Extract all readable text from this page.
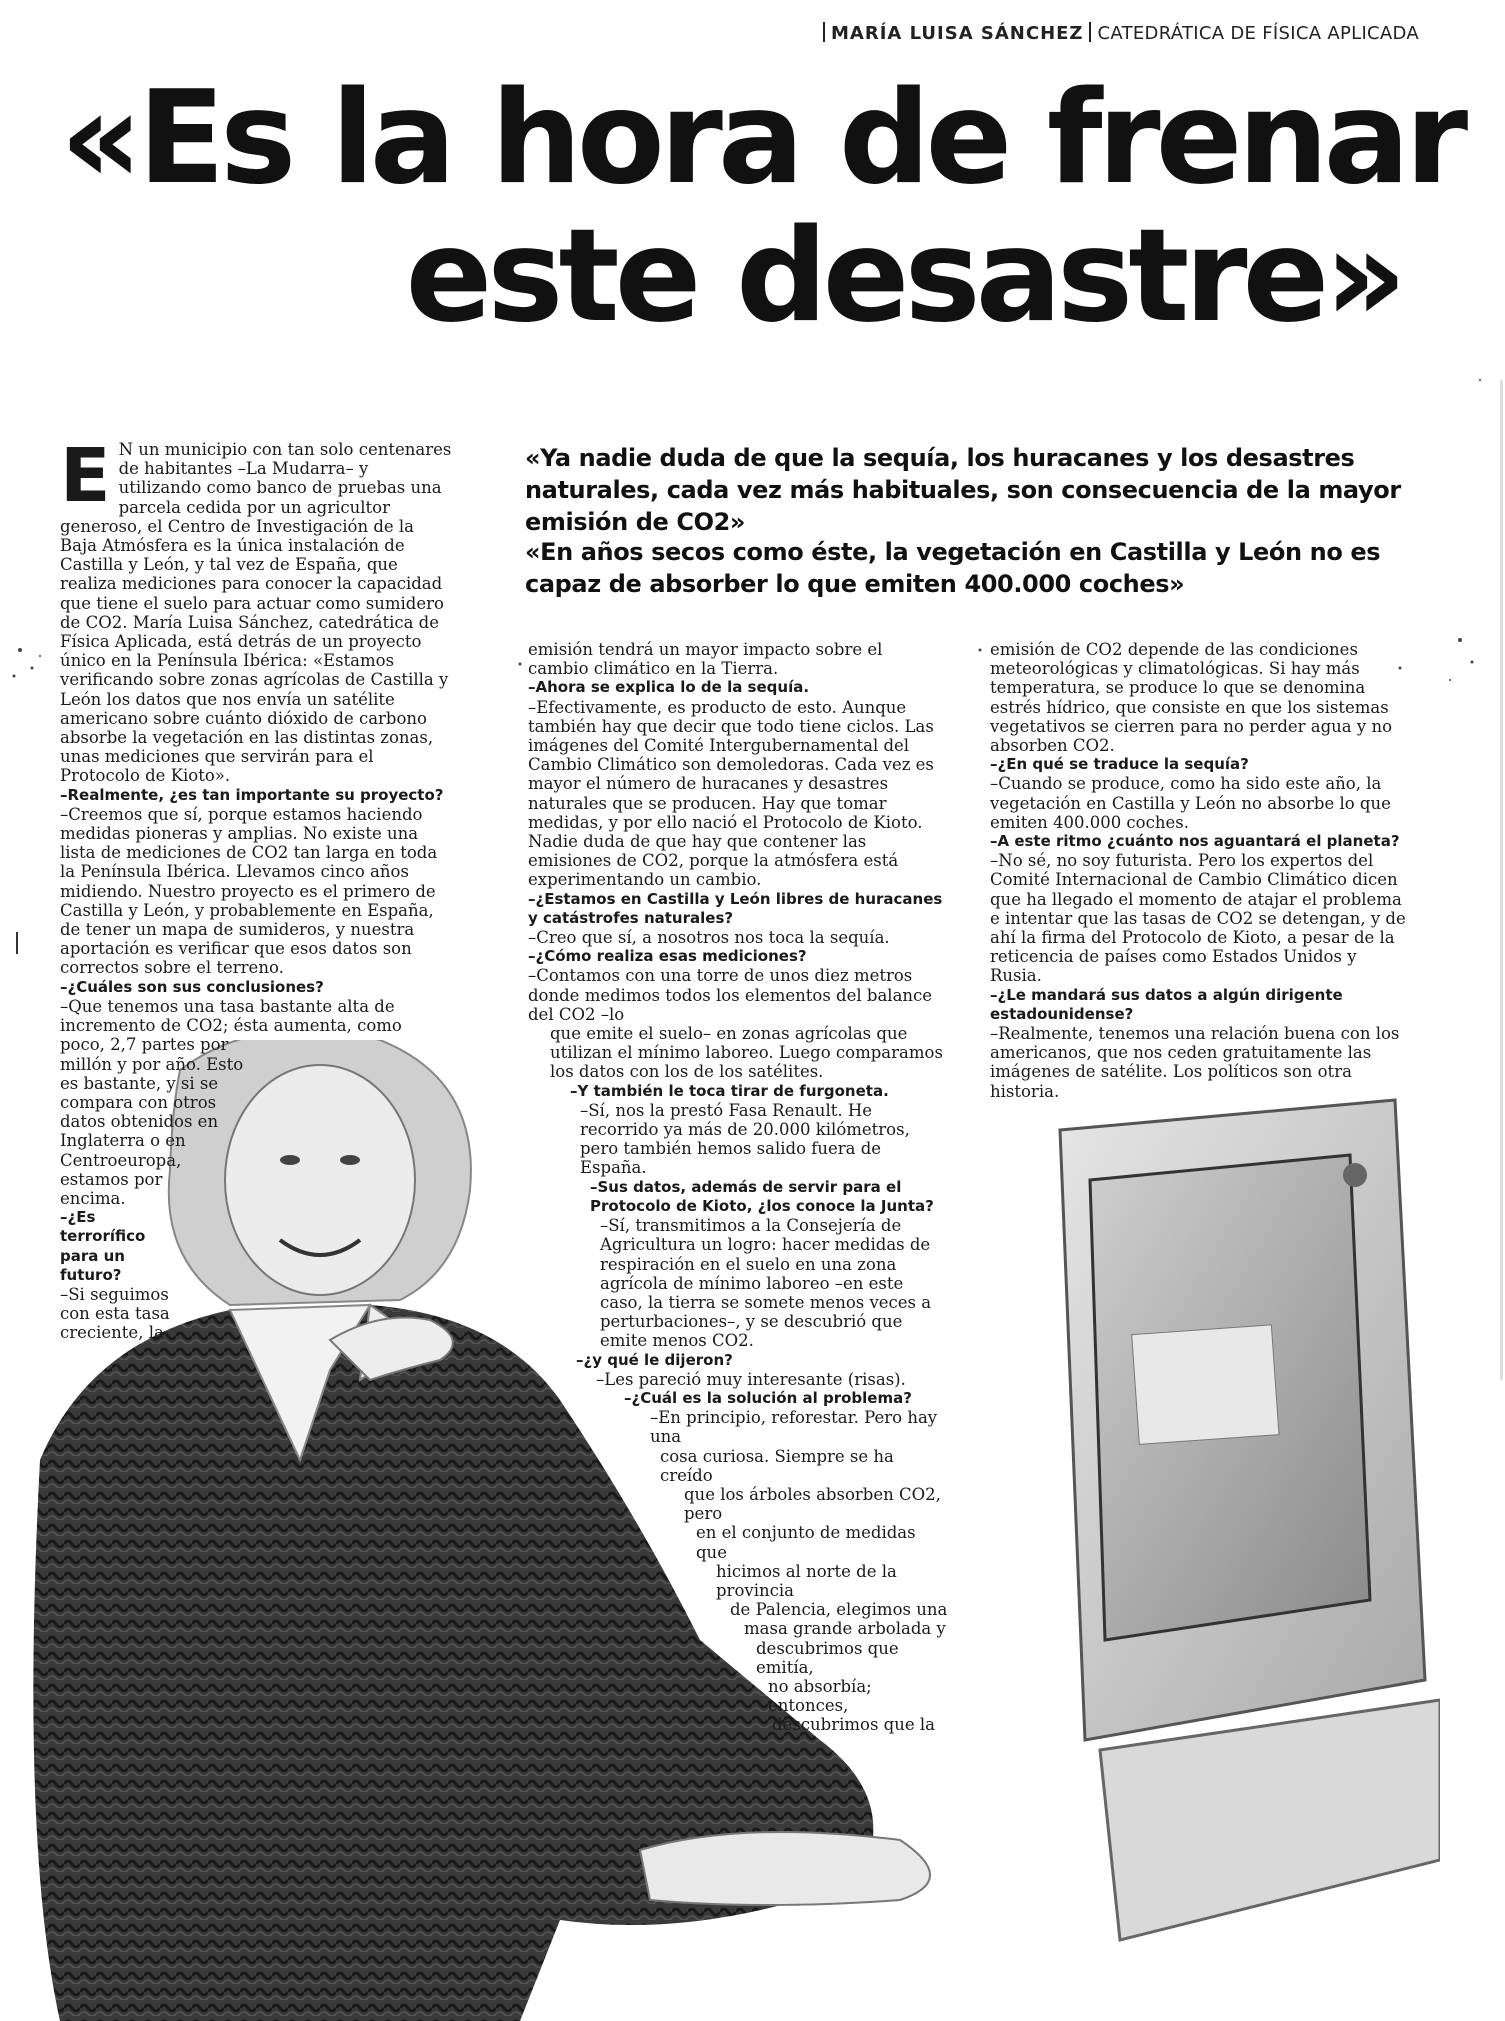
MARÍA LUISA SÁNCHEZ CATEDRÁTICA DE FÍSICA APLICADA
«Es la hora de frenar
este desastre»
«Ya nadie duda de que la sequía, los huracanes y los desastres naturales, cada vez más habituales, son consecuencia de la mayor emisión de CO2»
«En años secos como éste, la vegetación en Castilla y León no es capaz de absorber lo que emiten 400.000 coches»

E N un municipio con tan solo centenares de habitantes –La Mudarra– y utilizando como banco de pruebas una parcela cedida por un agricultor generoso, el Centro de Investigación de la Baja Atmósfera es la única instalación de Castilla y León, y tal vez de España, que realiza mediciones para conocer la capacidad que tiene el suelo para actuar como sumidero de CO2. María Luisa Sánchez, catedrática de Física Aplicada, está detrás de un proyecto único en la Península Ibérica: «Estamos verificando sobre zonas agrícolas de Castilla y León los datos que nos envía un satélite americano sobre cuánto dióxido de carbono absorbe la vegetación en las distintas zonas, unas mediciones que servirán para el Protocolo de Kioto».

–Realmente, ¿es tan importante su proyecto?

–Creemos que sí, porque estamos haciendo medidas pioneras y amplias. No existe una lista de mediciones de CO2 tan larga en toda la Península Ibérica. Llevamos cinco años midiendo. Nuestro proyecto es el primero de Castilla y León, y probablemente en España, de tener un mapa de sumideros, y nuestra aportación es verificar que esos datos son correctos sobre el terreno.

–¿Cuáles son sus conclusiones?

–Que tenemos una tasa bastante alta de incremento de CO2; ésta aumenta, como

poco, 2,7 partes por

millón y por año. Esto

es bastante, y si se

compara con otros

datos obtenidos en

Inglaterra o en

Centroeuropa,

estamos por

encima.

–¿Es

terrorífico

para un

futuro?

–Si seguimos

con esta tasa

creciente, la

emisión tendrá un mayor impacto sobre el cambio climático en la Tierra.

–Ahora se explica lo de la sequía.

–Efectivamente, es producto de esto. Aunque también hay que decir que todo tiene ciclos. Las imágenes del Comité Intergubernamental del Cambio Climático son demoledoras. Cada vez es mayor el número de huracanes y desastres naturales que se producen. Hay que tomar medidas, y por ello nació el Protocolo de Kioto. Nadie duda de que hay que contener las emisiones de CO2, porque la atmósfera está experimentando un cambio.

–¿Estamos en Castilla y León libres de huracanes y catástrofes naturales?

–Creo que sí, a nosotros nos toca la sequía.

–¿Cómo realiza esas mediciones?

–Contamos con una torre de unos diez metros donde medimos todos los elementos del balance del CO2 –lo

que emite el suelo– en zonas agrícolas que utilizan el mínimo laboreo. Luego comparamos los datos con los de los satélites.

–Y también le toca tirar de furgoneta.

–Sí, nos la prestó Fasa Renault. He recorrido ya más de 20.000 kilómetros, pero también hemos salido fuera de España.

–Sus datos, además de servir para el Protocolo de Kioto, ¿los conoce la Junta?

–Sí, transmitimos a la Consejería de Agricultura un logro: hacer medidas de respiración en el suelo en una zona agrícola de mínimo laboreo –en este caso, la tierra se somete menos veces a perturbaciones–, y se descubrió que emite menos CO2.

–¿y qué le dijeron?

–Les pareció muy interesante (risas).

–¿Cuál es la solución al problema?

–En principio, reforestar. Pero hay una

cosa curiosa. Siempre se ha creído

que los árboles absorben CO2, pero

en el conjunto de medidas que

hicimos al norte de la provincia

de Palencia, elegimos una

masa grande arbolada y

descubrimos que emitía,

no absorbía; entonces,

descubrimos que la

emisión de CO2 depende de las condiciones meteorológicas y climatológicas. Si hay más temperatura, se produce lo que se denomina estrés hídrico, que consiste en que los sistemas vegetativos se cierren para no perder agua y no absorben CO2.

–¿En qué se traduce la sequía?

–Cuando se produce, como ha sido este año, la vegetación en Castilla y León no absorbe lo que emiten 400.000 coches.

–A este ritmo ¿cuánto nos aguantará el planeta?

–No sé, no soy futurista. Pero los expertos del Comité Internacional de Cambio Climático dicen que ha llegado el momento de atajar el problema e intentar que las tasas de CO2 se detengan, y de ahí la firma del Protocolo de Kioto, a pesar de la reticencia de países como Estados Unidos y Rusia.

–¿Le mandará sus datos a algún dirigente estadounidense?

–Realmente, tenemos una relación buena con los americanos, que nos ceden gratuitamente las imágenes de satélite. Los políticos son otra historia.
